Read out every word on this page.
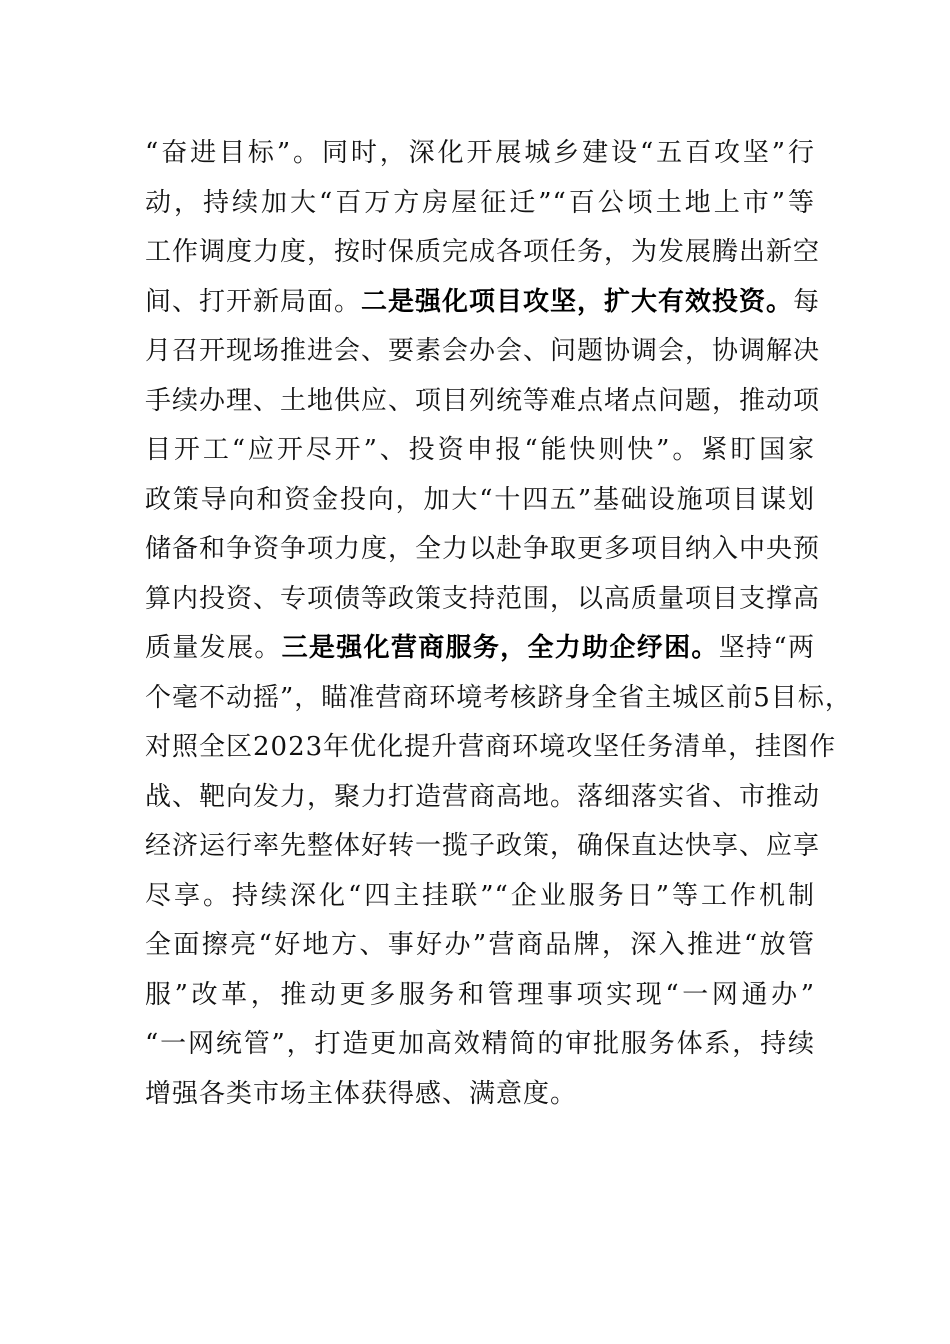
“奋进目标”。同时，深化开展城乡建设“五百攻坚”行
动，持续加大“百万方房屋征迁”“百公顷土地上市”等
工作调度力度，按时保质完成各项任务，为发展腾出新空
间、打开新局面。二是强化项目攻坚，扩大有效投资。每
月召开现场推进会、要素会办会、问题协调会，协调解决
手续办理、土地供应、项目列统等难点堵点问题，推动项
目开工“应开尽开”、投资申报“能快则快”。紧盯国家
政策导向和资金投向，加大“十四五”基础设施项目谋划
储备和争资争项力度，全力以赴争取更多项目纳入中央预
算内投资、专项债等政策支持范围，以高质量项目支撑高
质量发展。三是强化营商服务，全力助企纾困。坚持“两
个毫不动摇”，瞄准营商环境考核跻身全省主城区前5目标，
对照全区2023年优化提升营商环境攻坚任务清单，挂图作
战、靶向发力，聚力打造营商高地。落细落实省、市推动
经济运行率先整体好转一揽子政策，确保直达快享、应享
尽享。持续深化“四主挂联”“企业服务日”等工作机制
全面擦亮“好地方、事好办”营商品牌，深入推进“放管
服”改革，推动更多服务和管理事项实现“一网通办”
“一网统管”，打造更加高效精简的审批服务体系，持续
增强各类市场主体获得感、满意度。
